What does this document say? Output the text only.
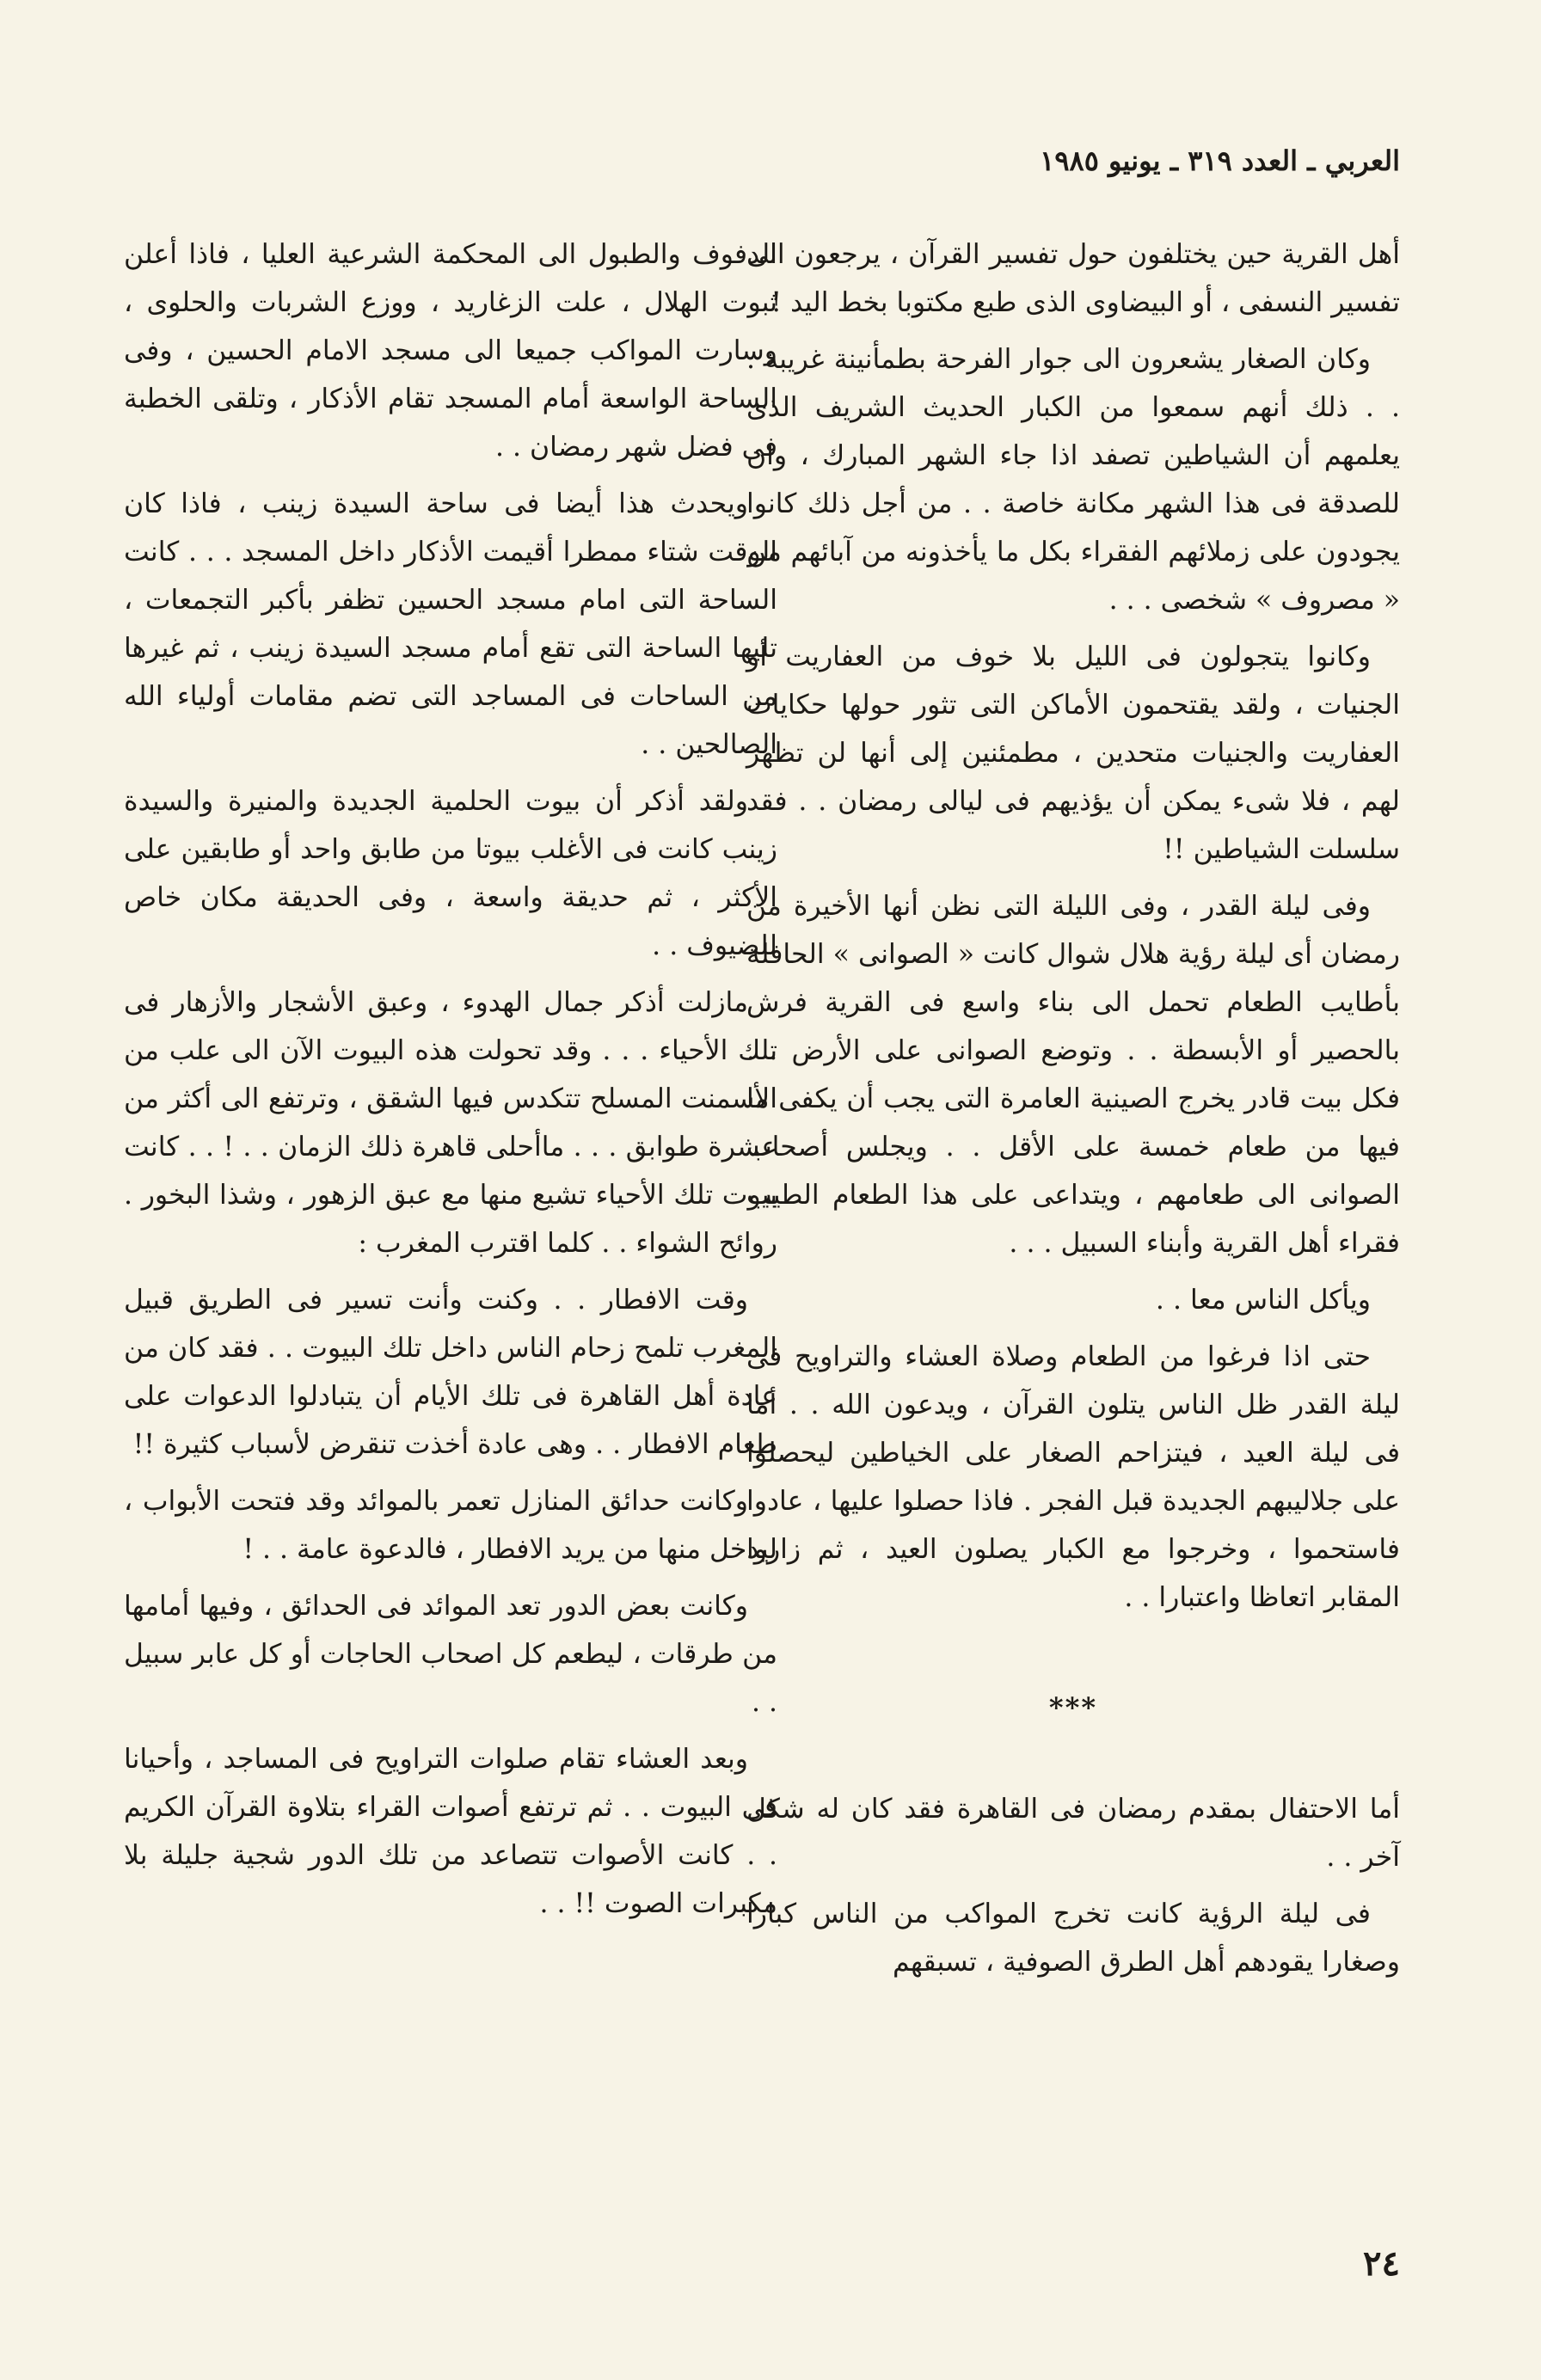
العربي ـ العدد ٣١٩ ـ يونيو ١٩٨٥

أهل القرية حين يختلفون حول تفسير القرآن ، يرجعون الى تفسير النسفى ، أو البيضاوى الذى طبع مكتوبا بخط اليد !

وكان الصغار يشعرون الى جوار الفرحة بطمأنينة غريبة . . . ذلك أنهم سمعوا من الكبار الحديث الشريف الذى يعلمهم أن الشياطين تصفد اذا جاء الشهر المبارك ، وان للصدقة فى هذا الشهر مكانة خاصة . . من أجل ذلك كانوا يجودون على زملائهم الفقراء بكل ما يأخذونه من آبائهم من « مصروف » شخصى . . .

وكانوا يتجولون فى الليل بلا خوف من العفاريت أو الجنيات ، ولقد يقتحمون الأماكن التى تثور حولها حكايات العفاريت والجنيات متحدين ، مطمئنين إلى أنها لن تظهر لهم ، فلا شىء يمكن أن يؤذيهم فى ليالى رمضان . . فقد سلسلت الشياطين !!

وفى ليلة القدر ، وفى الليلة التى نظن أنها الأخيرة من رمضان أى ليلة رؤية هلال شوال كانت « الصوانى » الحافلة بأطايب الطعام تحمل الى بناء واسع فى القرية فرش بالحصير أو الأبسطة . . وتوضع الصوانى على الأرض . . فكل بيت قادر يخرج الصينية العامرة التى يجب أن يكفى ما فيها من طعام خمسة على الأقل . . ويجلس أصحاب الصوانى الى طعامهم ، ويتداعى على هذا الطعام الطيب فقراء أهل القرية وأبناء السبيل . . .

ويأكل الناس معا . .

حتى اذا فرغوا من الطعام وصلاة العشاء والتراويح فى ليلة القدر ظل الناس يتلون القرآن ، ويدعون الله . . أما فى ليلة العيد ، فيتزاحم الصغار على الخياطين ليحصلوا على جلاليبهم الجديدة قبل الفجر . فاذا حصلوا عليها ، عادوا فاستحموا ، وخرجوا مع الكبار يصلون العيد ، ثم زاروا المقابر اتعاظا واعتبارا . .

***

أما الاحتفال بمقدم رمضان فى القاهرة فقد كان له شكل آخر . .

فى ليلة الرؤية كانت تخرج المواكب من الناس كبارا وصغارا يقودهم أهل الطرق الصوفية ، تسبقهم

الدفوف والطبول الى المحكمة الشرعية العليا ، فاذا أعلن ثبوت الهلال ، علت الزغاريد ، ووزع الشربات والحلوى ، وسارت المواكب جميعا الى مسجد الامام الحسين ، وفى الساحة الواسعة أمام المسجد تقام الأذكار ، وتلقى الخطبة فى فضل شهر رمضان . .

ويحدث هذا أيضا فى ساحة السيدة زينب ، فاذا كان الوقت شتاء ممطرا أقيمت الأذكار داخل المسجد . . . كانت الساحة التى امام مسجد الحسين تظفر بأكبر التجمعات ، تليها الساحة التى تقع أمام مسجد السيدة زينب ، ثم غيرها من الساحات فى المساجد التى تضم مقامات أولياء الله الصالحين . .

ولقد أذكر أن بيوت الحلمية الجديدة والمنيرة والسيدة زينب كانت فى الأغلب بيوتا من طابق واحد أو طابقين على الأكثر ، ثم حديقة واسعة ، وفى الحديقة مكان خاص للضيوف . .

مازلت أذكر جمال الهدوء ، وعبق الأشجار والأزهار فى تلك الأحياء . . . وقد تحولت هذه البيوت الآن الى علب من الأسمنت المسلح تتكدس فيها الشقق ، وترتفع الى أكثر من عشرة طوابق . . . ماأحلى قاهرة ذلك الزمان . . ! . . كانت بيوت تلك الأحياء تشيع منها مع عبق الزهور ، وشذا البخور . روائح الشواء . . كلما اقترب المغرب :

وقت الافطار . . وكنت وأنت تسير فى الطريق قبيل المغرب تلمح زحام الناس داخل تلك البيوت . . فقد كان من عادة أهل القاهرة فى تلك الأيام أن يتبادلوا الدعوات على طعام الافطار . . وهى عادة أخذت تنقرض لأسباب كثيرة !!

وكانت حدائق المنازل تعمر بالموائد وقد فتحت الأبواب ، ليدخل منها من يريد الافطار ، فالدعوة عامة . . !

وكانت بعض الدور تعد الموائد فى الحدائق ، وفيها أمامها من طرقات ، ليطعم كل اصحاب الحاجات أو كل عابر سبيل . .

وبعد العشاء تقام صلوات التراويح فى المساجد ، وأحيانا فى البيوت . . ثم ترتفع أصوات القراء بتلاوة القرآن الكريم . . كانت الأصوات تتصاعد من تلك الدور شجية جليلة بلا مكبرات الصوت !! . .

٢٤
